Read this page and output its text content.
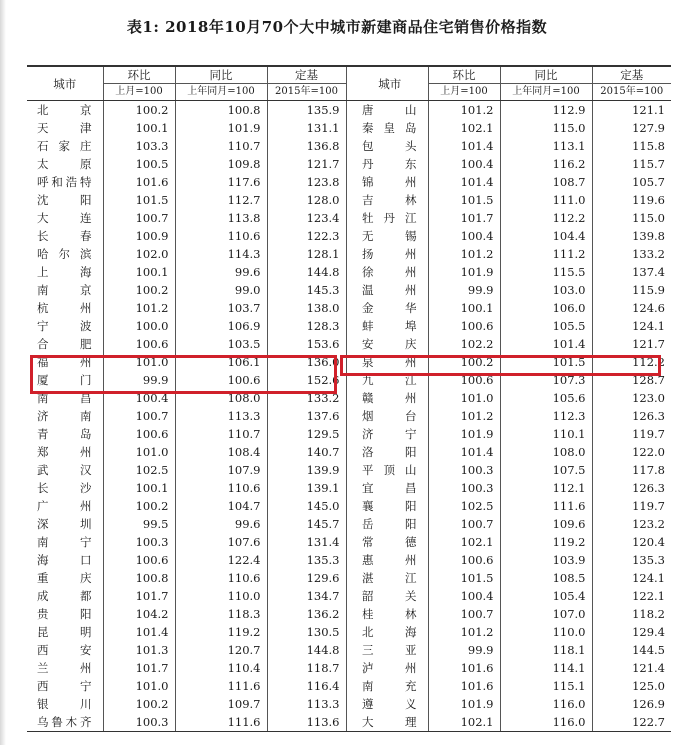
表1: 2018年10月70个大中城市新建商品住宅销售价格指数
城市	环比	同比	定基		城市	环比	同比	定基
	上月=100	上年同月=100	2015年=100			上月=100	上年同月=100	2015年=100
北京	100.2	100.8	135.9		唐山	101.2	112.9	121.1
天津	100.1	101.9	131.1		秦皇岛	102.1	115.0	127.9
石家庄	103.3	110.7	136.8		包头	101.4	113.1	115.8
太原	100.5	109.8	121.7		丹东	100.4	116.2	115.7
呼和浩特	101.6	117.6	123.8		锦州	101.4	108.7	105.7
沈阳	101.5	112.7	128.0		吉林	101.5	111.0	119.6
大连	100.7	113.8	123.4		牡丹江	101.7	112.2	115.0
长春	100.9	110.6	122.3		无锡	100.4	104.4	139.8
哈尔滨	102.0	114.3	128.1		扬州	101.2	111.2	133.2
上海	100.1	99.6	144.8		徐州	101.9	115.5	137.4
南京	100.2	99.0	145.3		温州	99.9	103.0	115.9
杭州	101.2	103.7	138.0		金华	100.1	106.0	124.6
宁波	100.0	106.9	128.3		蚌埠	100.6	105.5	124.1
合肥	100.6	103.5	153.6		安庆	102.2	101.4	121.7
福州	101.0	106.1	136.0		泉州	100.2	101.5	112.2
厦门	99.9	100.6	152.6		九江	100.6	107.3	128.7
南昌	100.4	108.0	133.2		赣州	101.0	105.6	123.0
济南	100.7	113.3	137.6		烟台	101.2	112.3	126.3
青岛	100.6	110.7	129.5		济宁	101.9	110.1	119.7
郑州	101.0	108.4	140.7		洛阳	101.4	108.0	122.0
武汉	102.5	107.9	139.9		平顶山	100.3	107.5	117.8
长沙	100.1	110.6	139.1		宜昌	100.3	112.1	126.3
广州	100.2	104.7	145.0		襄阳	102.5	111.6	119.7
深圳	99.5	99.6	145.7		岳阳	100.7	109.6	123.2
南宁	100.3	107.6	131.4		常德	102.1	119.2	120.4
海口	100.6	122.4	135.3		惠州	100.6	103.9	135.3
重庆	100.8	110.6	129.6		湛江	101.5	108.5	124.1
成都	101.7	110.0	134.7		韶关	100.4	105.4	122.1
贵阳	104.2	118.3	136.2		桂林	100.7	107.0	118.2
昆明	101.4	119.2	130.5		北海	101.2	110.0	129.4
西安	101.3	120.7	144.8		三亚	99.9	118.1	144.5
兰州	101.7	110.4	118.7		泸州	101.6	114.1	121.4
西宁	101.0	111.6	116.4		南充	101.6	115.1	125.0
银川	100.2	109.7	113.3		遵义	101.9	116.0	126.9
乌鲁木齐	100.3	111.6	113.6		大理	102.1	116.0	122.7
